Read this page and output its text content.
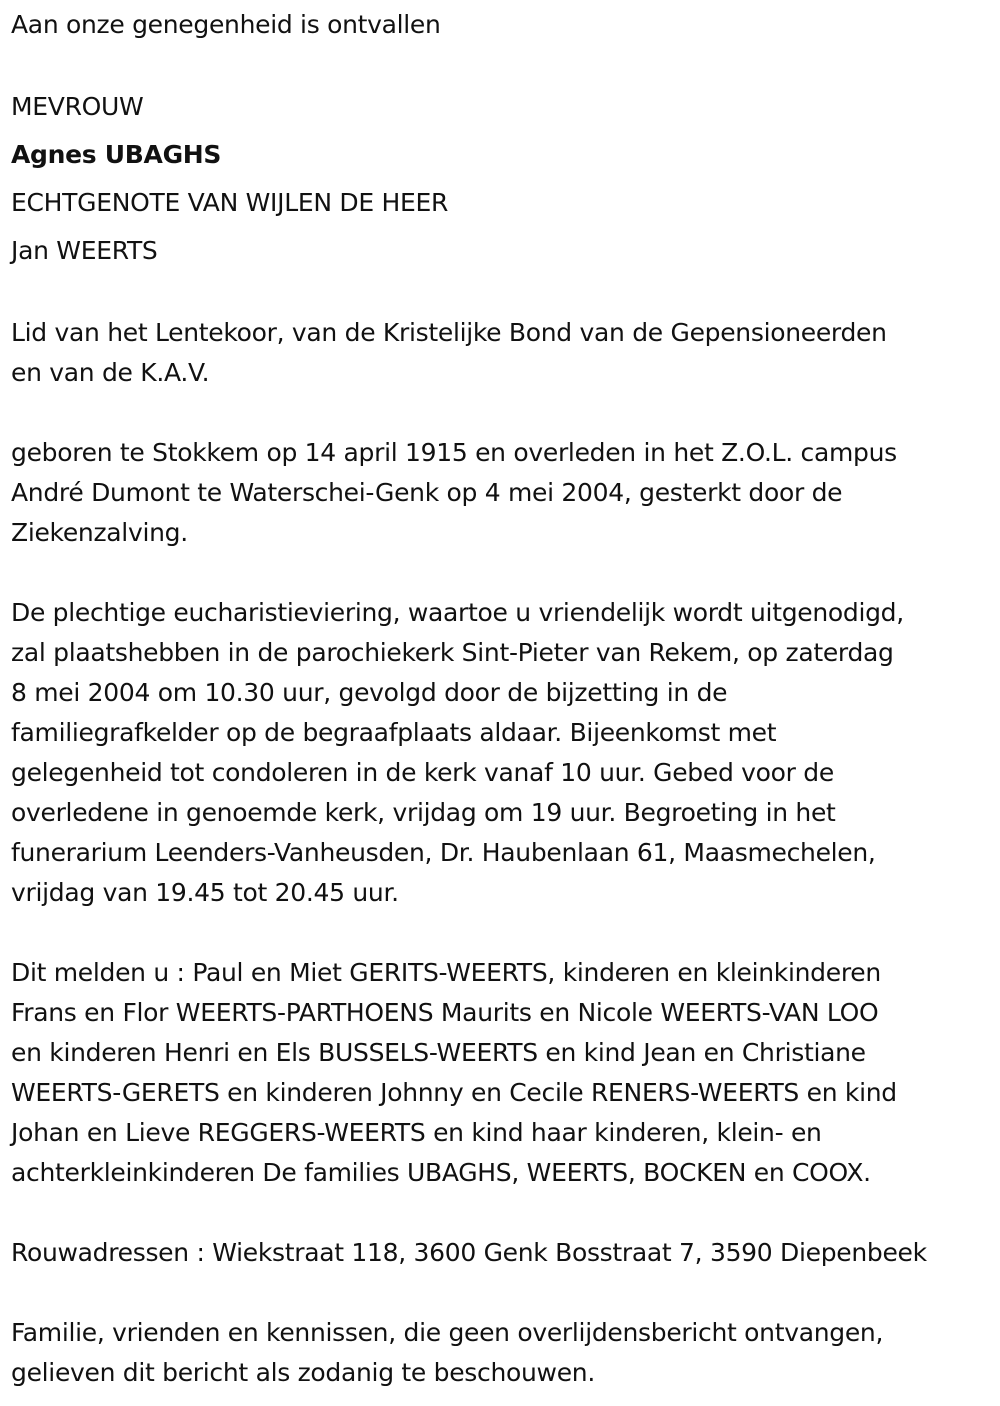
Aan onze genegenheid is ontvallen
MEVROUW
Agnes UBAGHS
ECHTGENOTE VAN WIJLEN DE HEER
Jan WEERTS
Lid van het Lentekoor, van de Kristelijke Bond van de Gepensioneerden
en van de K.A.V.
geboren te Stokkem op 14 april 1915 en overleden in het Z.O.L. campus
André Dumont te Waterschei-Genk op 4 mei 2004, gesterkt door de
Ziekenzalving.
De plechtige eucharistieviering, waartoe u vriendelijk wordt uitgenodigd,
zal plaatshebben in de parochiekerk Sint-Pieter van Rekem, op zaterdag
8 mei 2004 om 10.30 uur, gevolgd door de bijzetting in de
familiegrafkelder op de begraafplaats aldaar. Bijeenkomst met
gelegenheid tot condoleren in de kerk vanaf 10 uur. Gebed voor de
overledene in genoemde kerk, vrijdag om 19 uur. Begroeting in het
funerarium Leenders-Vanheusden, Dr. Haubenlaan 61, Maasmechelen,
vrijdag van 19.45 tot 20.45 uur.
Dit melden u : Paul en Miet GERITS-WEERTS, kinderen en kleinkinderen
Frans en Flor WEERTS-PARTHOENS Maurits en Nicole WEERTS-VAN LOO
en kinderen Henri en Els BUSSELS-WEERTS en kind Jean en Christiane
WEERTS-GERETS en kinderen Johnny en Cecile RENERS-WEERTS en kind
Johan en Lieve REGGERS-WEERTS en kind haar kinderen, klein- en
achterkleinkinderen De families UBAGHS, WEERTS, BOCKEN en COOX.
Rouwadressen : Wiekstraat 118, 3600 Genk Bosstraat 7, 3590 Diepenbeek
Familie, vrienden en kennissen, die geen overlijdensbericht ontvangen,
gelieven dit bericht als zodanig te beschouwen.
